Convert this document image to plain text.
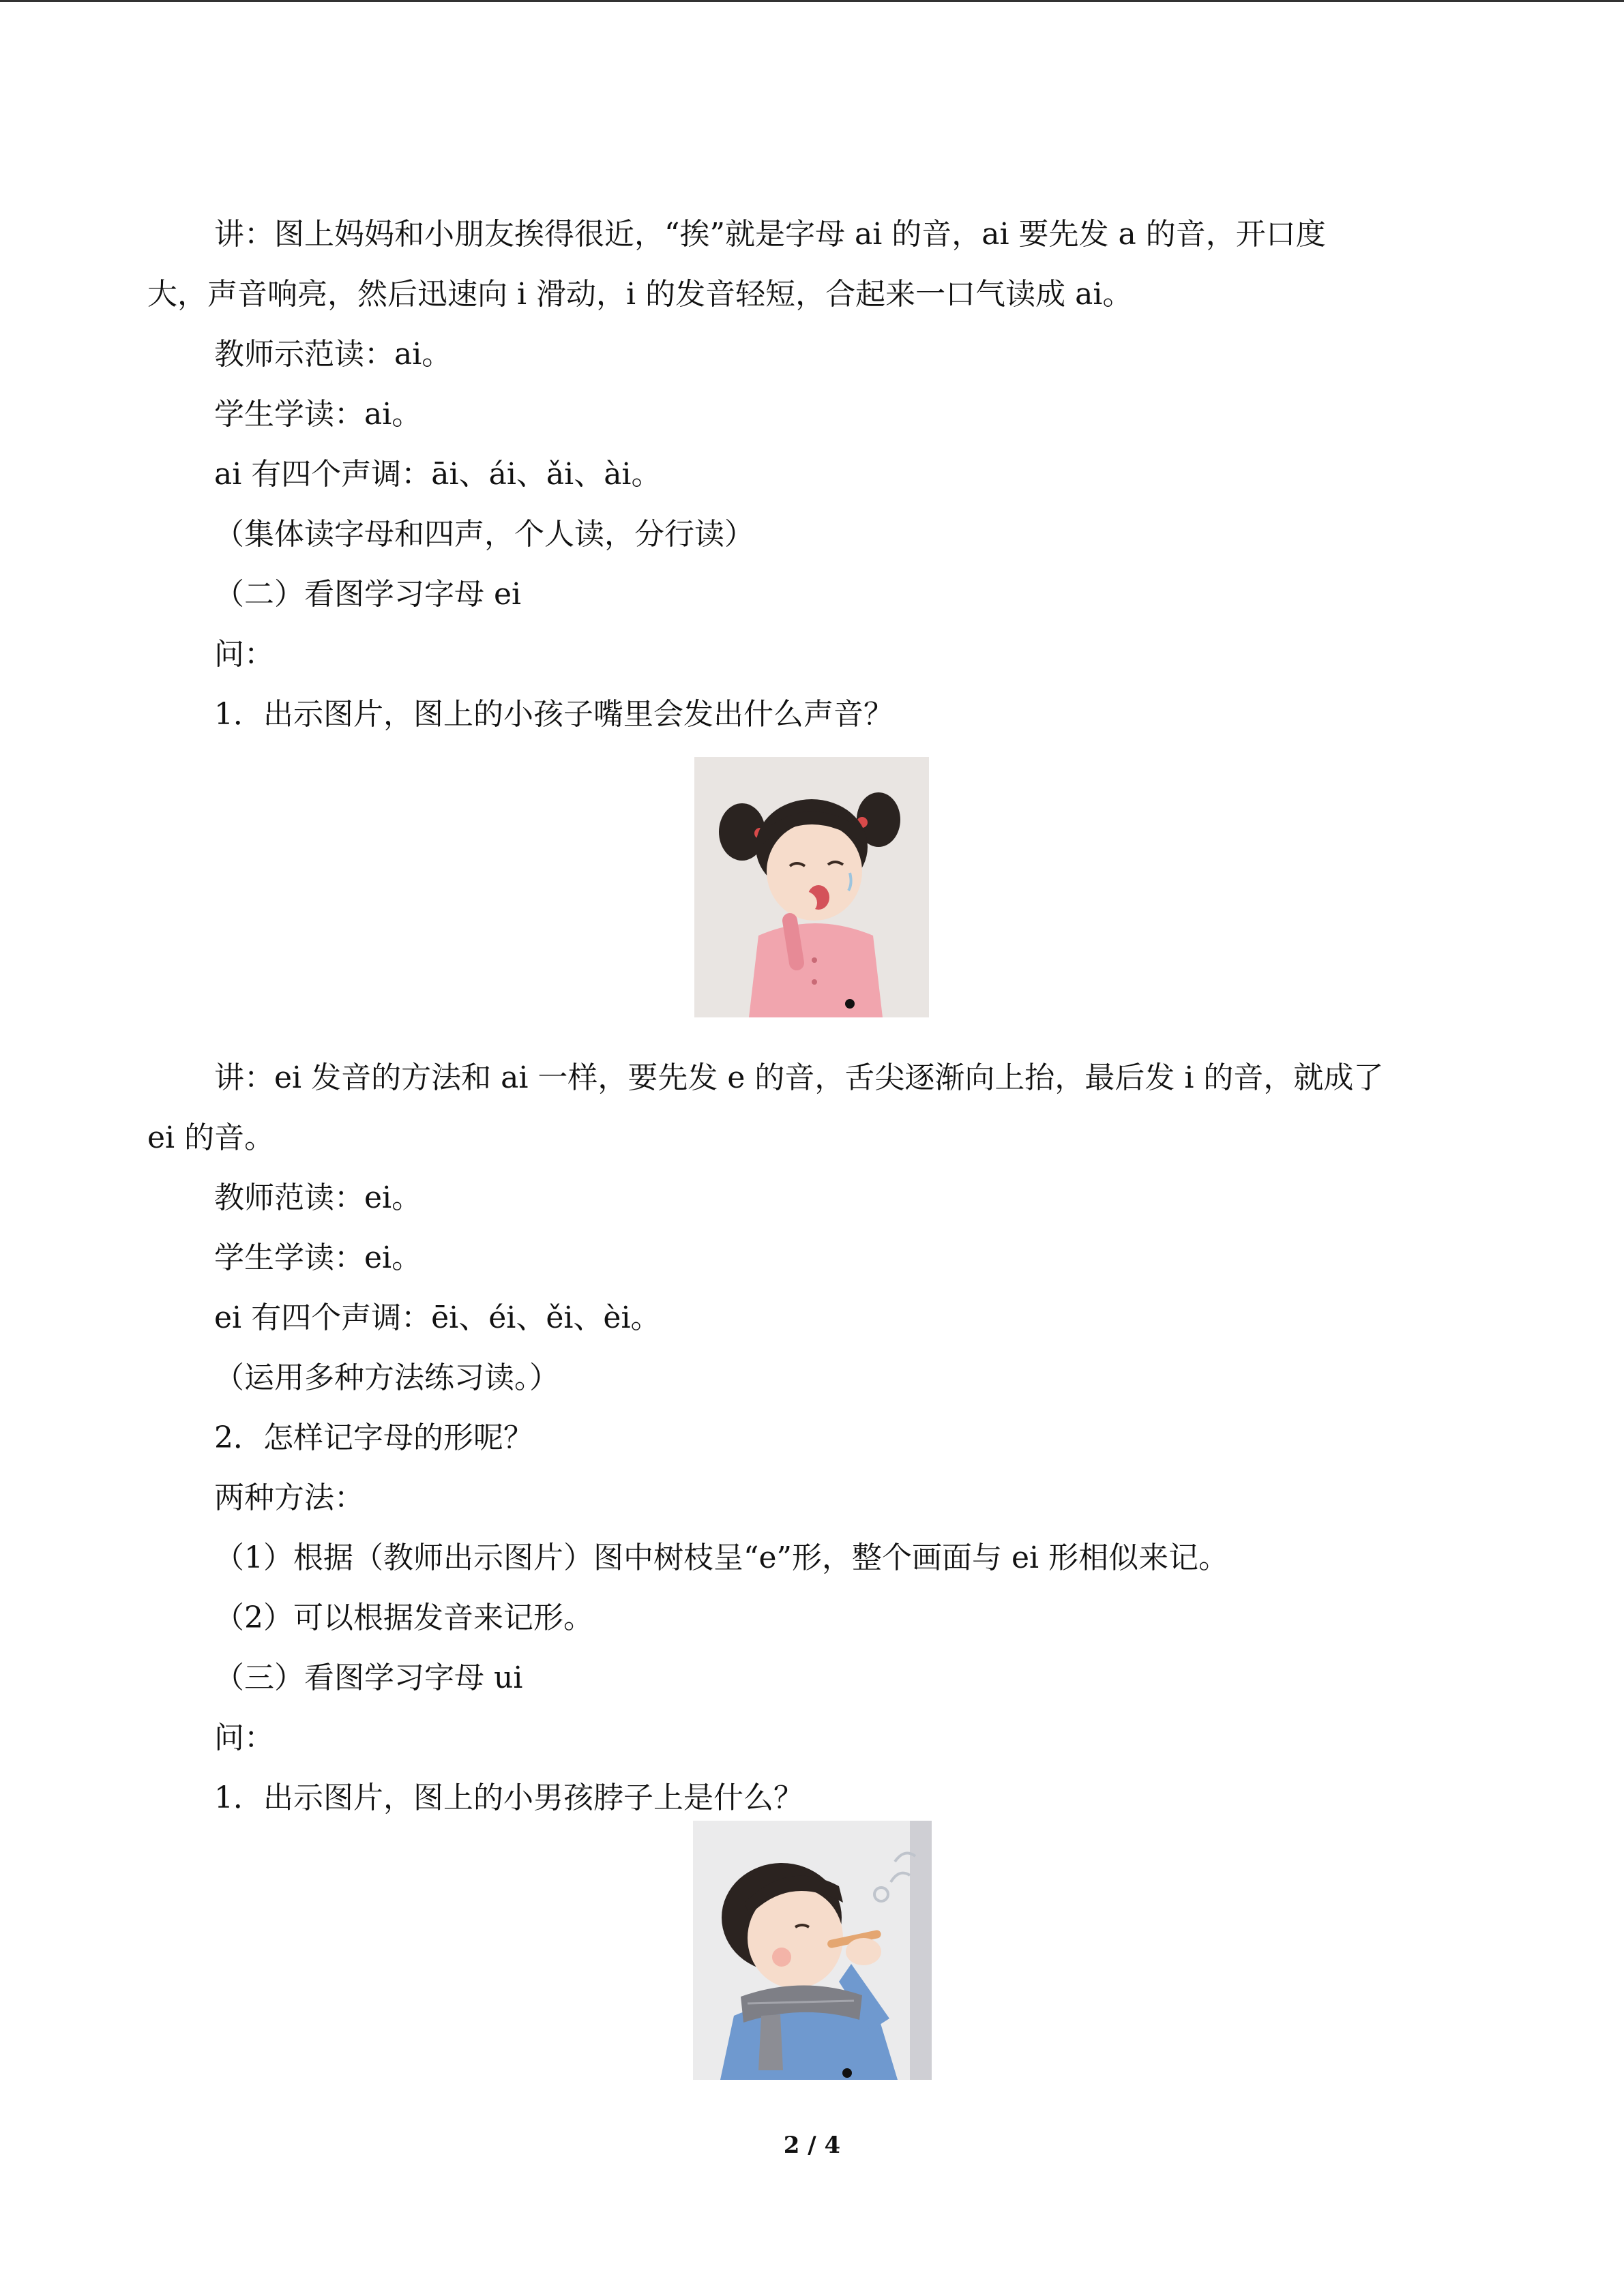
讲：图上妈妈和小朋友挨得很近，“挨”就是字母 ai 的音，ai 要先发 a 的音，开口度
大，声音响亮，然后迅速向 i 滑动，i 的发音轻短，合起来一口气读成 ai。
教师示范读：ai。
学生学读：ai。
ai 有四个声调：āi、ái、ǎi、ài。
（集体读字母和四声，个人读，分行读）
（二）看图学习字母 ei
问：
1．出示图片，图上的小孩子嘴里会发出什么声音？
讲：ei 发音的方法和 ai 一样，要先发 e 的音，舌尖逐渐向上抬，最后发 i 的音，就成了
ei 的音。
教师范读：ei。
学生学读：ei。
ei 有四个声调：ēi、éi、ěi、èi。
（运用多种方法练习读。）
2．怎样记字母的形呢？
两种方法：
（1）根据（教师出示图片）图中树枝呈“e”形，整个画面与 ei 形相似来记。
（2）可以根据发音来记形。
（三）看图学习字母 ui
问：
1．出示图片，图上的小男孩脖子上是什么？
2 / 4
